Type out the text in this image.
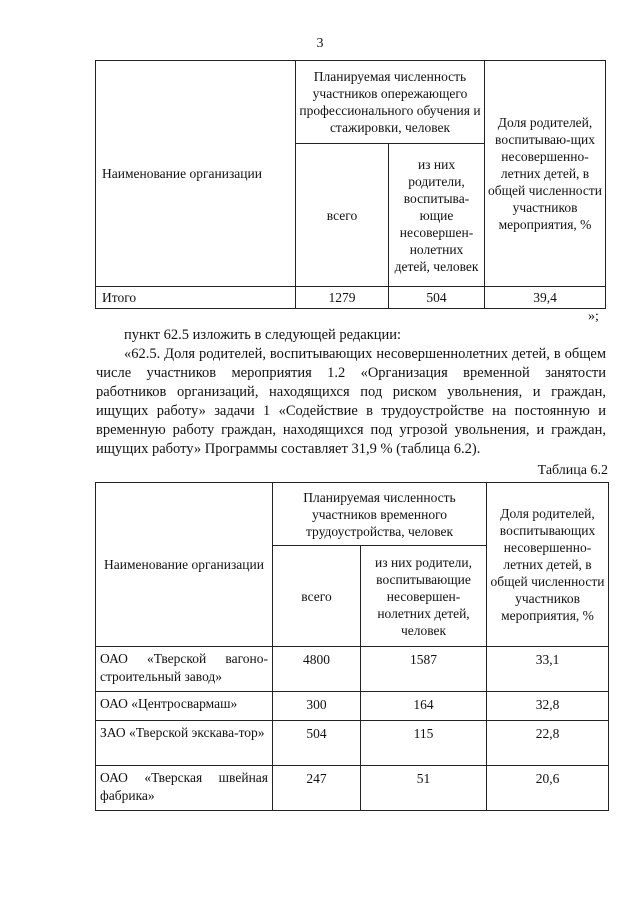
3
Наименование организации	Планируемая численность участников опережающего профессионального обучения и стажировки, человек		Доля родителей, воспитываю-щих несовершенно-летних детей, в общей численности участников мероприятия, %
	всего	из них родители, воспитыва-ющие несовершен-нолетних детей, человек	
Итого	1279	504	39,4
»;

пункт 62.5 изложить в следующей редакции:

«62.5. Доля родителей, воспитывающих несовершеннолетних детей, в общем числе участников мероприятия 1.2 «Организация временной занятости работников организаций, находящихся под риском увольнения, и граждан, ищущих работу» задачи 1 «Содействие в трудоустройстве на постоянную и временную работу граждан, находящихся под угрозой увольнения, и граждан, ищущих работу» Программы составляет 31,9 % (таблица 6.2).

Таблица 6.2
Наименование организации	Планируемая численность участников временного трудоустройства, человек		Доля родителей, воспитывающих несовершенно-летних детей, в общей численности участников мероприятия, %
	всего	из них родители, воспитывающие несовершен-нолетних детей, человек	
ОАО «Тверской вагоно-строительный завод»	4800	1587	33,1
ОАО «Центросвармаш»	300	164	32,8
ЗАО «Тверской экскава-тор»	504	115	22,8
ОАО «Тверская швейная фабрика»	247	51	20,6
